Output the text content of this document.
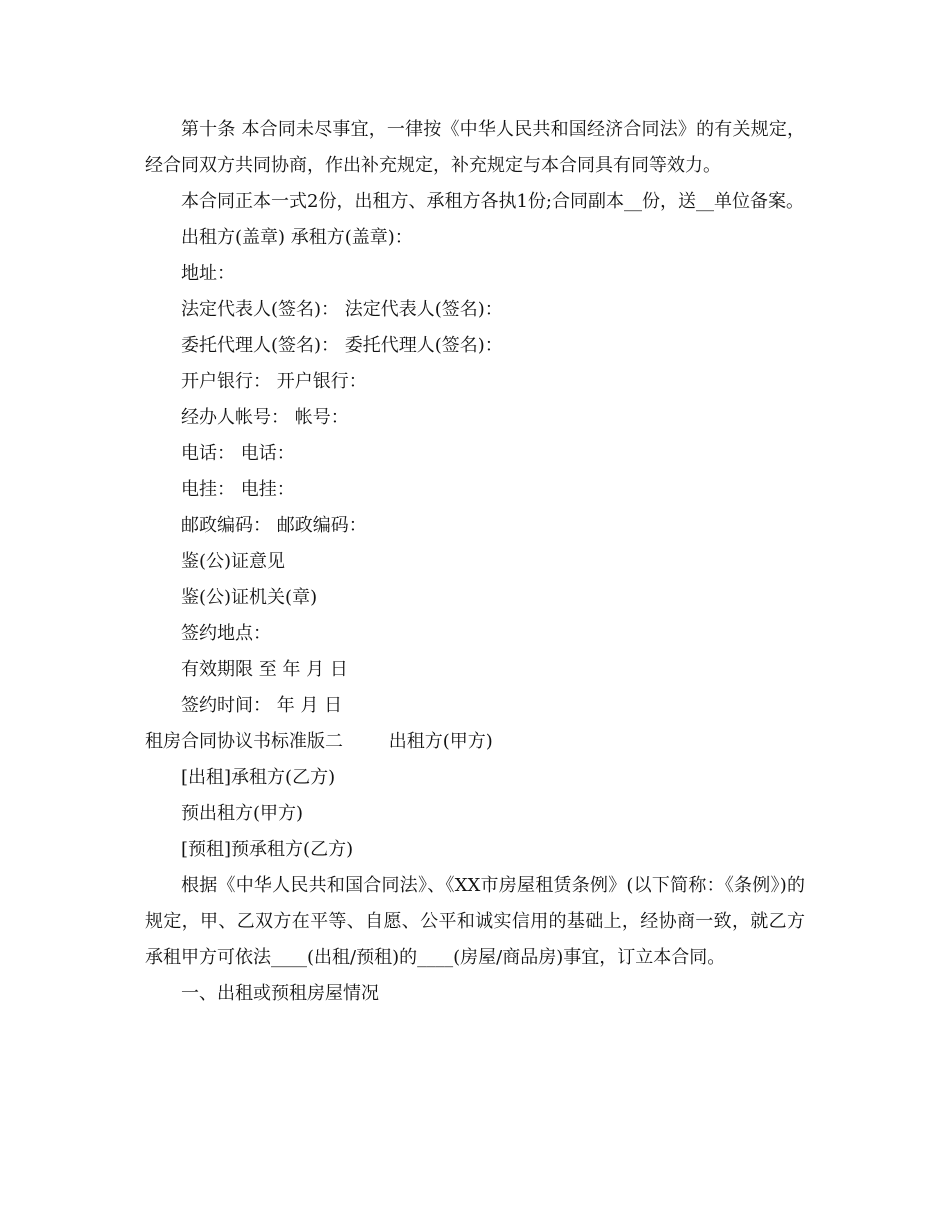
第十条 本合同未尽事宜，一律按《中华人民共和国经济合同法》的有关规定，经合同双方共同协商，作出补充规定，补充规定与本合同具有同等效力。

本合同正本一式2份，出租方、承租方各执1份;合同副本__份，送__单位备案。

出租方(盖章) 承租方(盖章)：

地址：

法定代表人(签名)： 法定代表人(签名)：

委托代理人(签名)： 委托代理人(签名)：

开户银行： 开户银行：

经办人帐号： 帐号：

电话： 电话：

电挂： 电挂：

邮政编码： 邮政编码：

鉴(公)证意见

鉴(公)证机关(章)

签约地点：

有效期限 至 年 月 日

签约时间： 年 月 日

租房合同协议书标准版二        出租方(甲方)

[出租]承租方(乙方)

预出租方(甲方)

[预租]预承租方(乙方)

根据《中华人民共和国合同法》、《XX市房屋租赁条例》(以下简称：《条例》)的规定，甲、乙双方在平等、自愿、公平和诚实信用的基础上，经协商一致，就乙方承租甲方可依法____(出租/预租)的____(房屋/商品房)事宜，订立本合同。

一、出租或预租房屋情况
